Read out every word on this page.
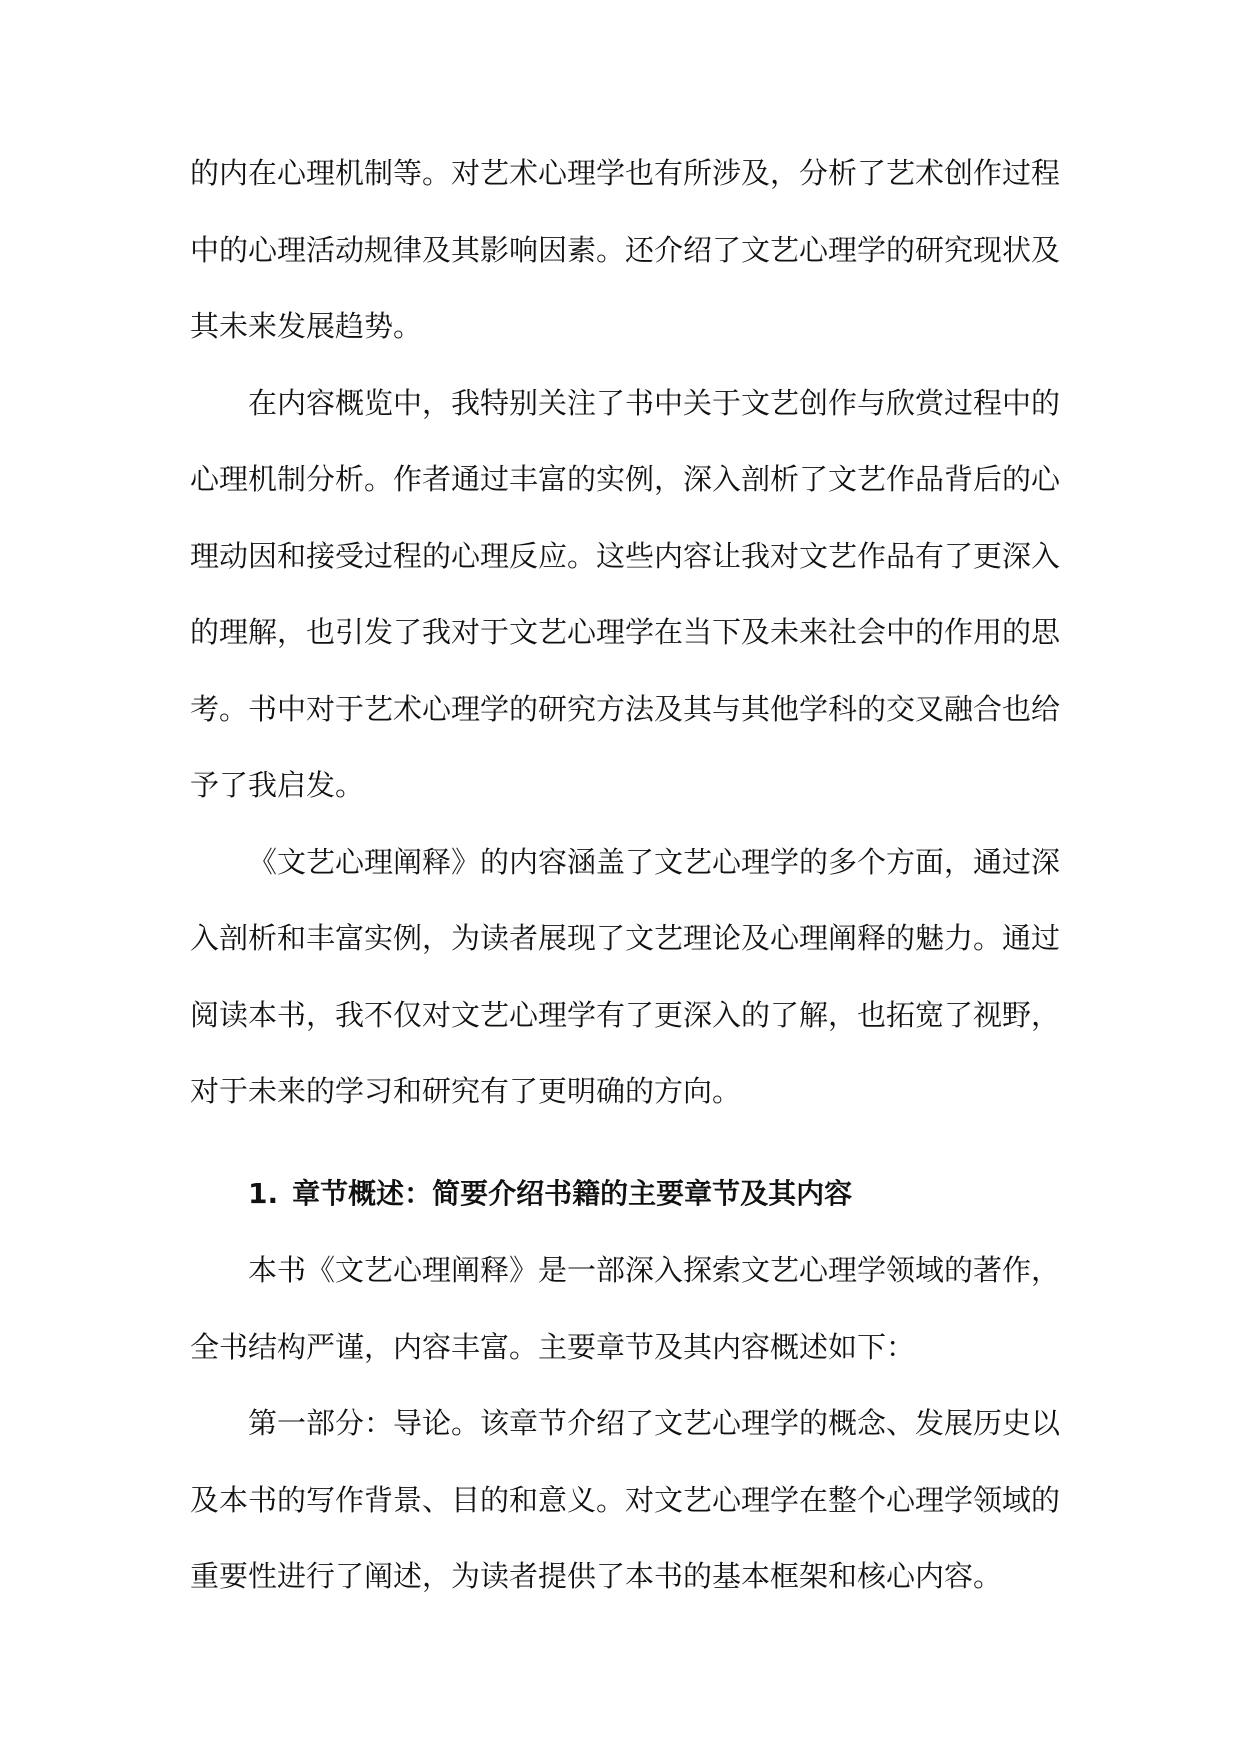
的内在心理机制等。对艺术心理学也有所涉及，分析了艺术创作过程中的心理活动规律及其影响因素。还介绍了文艺心理学的研究现状及其未来发展趋势。

在内容概览中，我特别关注了书中关于文艺创作与欣赏过程中的心理机制分析。作者通过丰富的实例，深入剖析了文艺作品背后的心理动因和接受过程的心理反应。这些内容让我对文艺作品有了更深入的理解，也引发了我对于文艺心理学在当下及未来社会中的作用的思考。书中对于艺术心理学的研究方法及其与其他学科的交叉融合也给予了我启发。

《文艺心理阐释》的内容涵盖了文艺心理学的多个方面，通过深入剖析和丰富实例，为读者展现了文艺理论及心理阐释的魅力。通过阅读本书，我不仅对文艺心理学有了更深入的了解，也拓宽了视野，对于未来的学习和研究有了更明确的方向。

1. 章节概述：简要介绍书籍的主要章节及其内容

本书《文艺心理阐释》是一部深入探索文艺心理学领域的著作，全书结构严谨，内容丰富。主要章节及其内容概述如下：

第一部分：导论。该章节介绍了文艺心理学的概念、发展历史以及本书的写作背景、目的和意义。对文艺心理学在整个心理学领域的重要性进行了阐述，为读者提供了本书的基本框架和核心内容。
